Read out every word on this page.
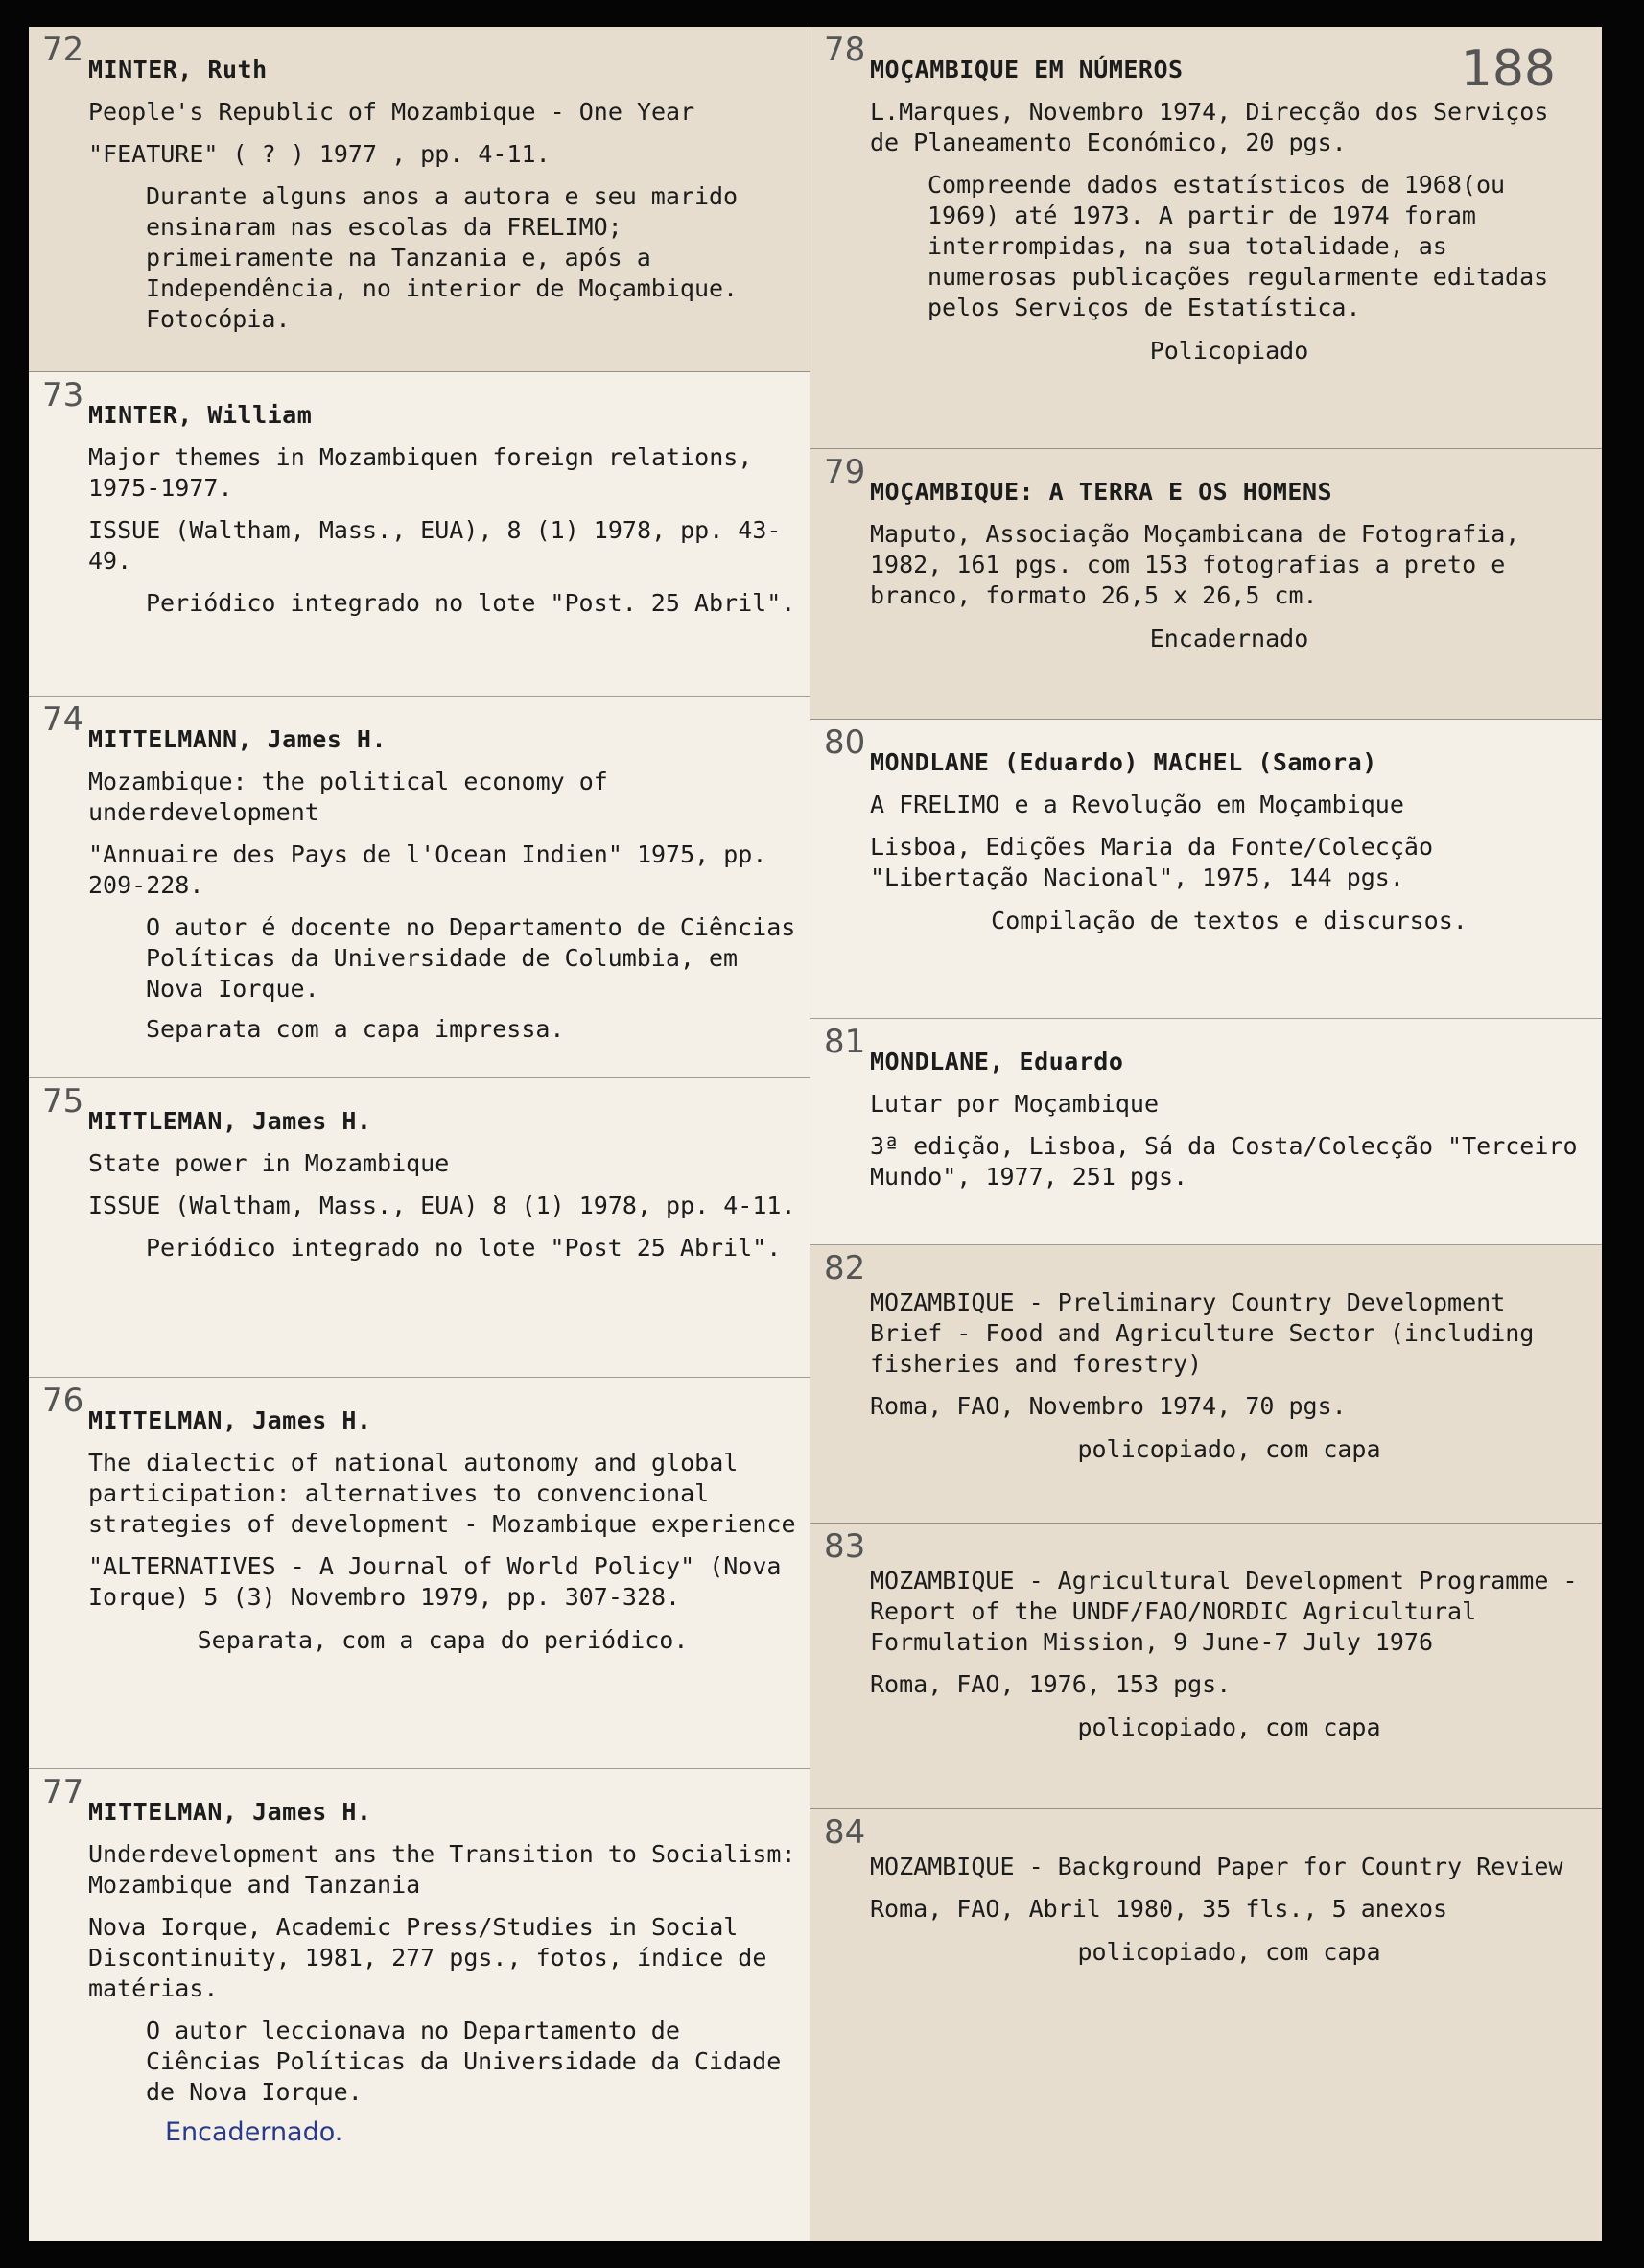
72
MINTER, Ruth
People's Republic of Mozambique - One Year
"FEATURE" ( ? ) 1977 , pp. 4-11.
Durante alguns anos a autora e seu marido ensinaram nas escolas da FRELIMO; primeiramente na Tanzania e, após a Independência, no interior de Moçambique. Fotocópia.
73
MINTER, William
Major themes in Mozambiquen foreign relations, 1975-1977.
ISSUE (Waltham, Mass., EUA), 8 (1) 1978, pp. 43-49.
Periódico integrado no lote "Post. 25 Abril".
74
MITTELMANN, James H.
Mozambique: the political economy of underdevelopment
"Annuaire des Pays de l'Ocean Indien" 1975, pp. 209-228.
O autor é docente no Departamento de Ciências Políticas da Universidade de Columbia, em Nova Iorque.
Separata com a capa impressa.
75
MITTLEMAN, James H.
State power in Mozambique
ISSUE (Waltham, Mass., EUA) 8 (1) 1978, pp. 4-11.
Periódico integrado no lote "Post 25 Abril".
76
MITTELMAN, James H.
The dialectic of national autonomy and global participation: alternatives to convencional strategies of development - Mozambique experience
"ALTERNATIVES - A Journal of World Policy" (Nova Iorque) 5 (3) Novembro 1979, pp. 307-328.
Separata, com a capa do periódico.
77
MITTELMAN, James H.
Underdevelopment ans the Transition to Socialism: Mozambique and Tanzania
Nova Iorque, Academic Press/Studies in Social Discontinuity, 1981, 277 pgs., fotos, índice de matérias.
O autor leccionava no Departamento de Ciências Políticas da Universidade da Cidade de Nova Iorque.
Encadernado.
78	188
MOÇAMBIQUE EM NÚMEROS
L.Marques, Novembro 1974, Direcção dos Serviços de Planeamento Económico, 20 pgs.
Compreende dados estatísticos de 1968(ou 1969) até 1973. A partir de 1974 foram interrompidas, na sua totalidade, as numerosas publicações regularmente editadas pelos Serviços de Estatística.
Policopiado
79
MOÇAMBIQUE: A TERRA E OS HOMENS
Maputo, Associação Moçambicana de Fotografia, 1982, 161 pgs. com 153 fotografias a preto e branco, formato 26,5 x 26,5 cm.
Encadernado
80
MONDLANE (Eduardo) MACHEL (Samora)
A FRELIMO e a Revolução em Moçambique
Lisboa, Edições Maria da Fonte/Colecção "Libertação Nacional", 1975, 144 pgs.
Compilação de textos e discursos.
81
MONDLANE, Eduardo
Lutar por Moçambique
3ª edição, Lisboa, Sá da Costa/Colecção "Terceiro Mundo", 1977, 251 pgs.
82
MOZAMBIQUE - Preliminary Country Development Brief - Food and Agriculture Sector (including fisheries and forestry)
Roma, FAO, Novembro 1974, 70 pgs.
policopiado, com capa
83
MOZAMBIQUE - Agricultural Development Programme - Report of the UNDF/FAO/NORDIC Agricultural Formulation Mission, 9 June-7 July 1976
Roma, FAO, 1976, 153 pgs.
policopiado, com capa
84
MOZAMBIQUE - Background Paper for Country Review
Roma, FAO, Abril 1980, 35 fls., 5 anexos
policopiado, com capa
